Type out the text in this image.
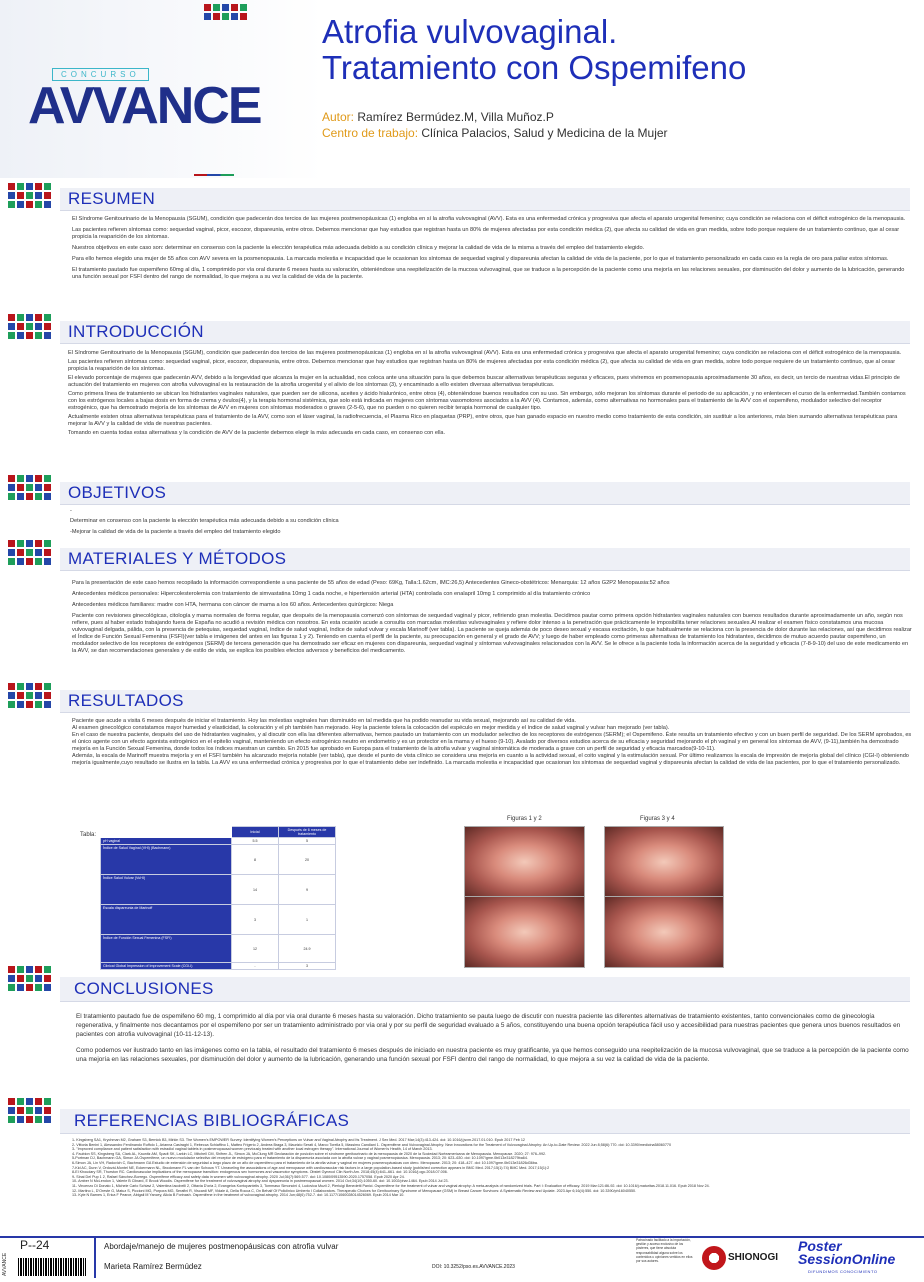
CONCURSO
AVVANCE
Atrofia vulvovaginal.
Tratamiento con Ospemifeno
Autor: Ramírez Bermúdez.M, Villa Muñoz.P
Centro de trabajo: Clínica Palacios, Salud y Medicina de la Mujer
RESUMEN

El Síndrome Genitourinario de la Menopausia (SGUM), condición que padecerán dos tercios de las mujeres postmenopáusicas (1) engloba en sí la atrofia vulvovaginal (AVV). Esta es una enfermedad crónica y progresiva que afecta el aparato urogenital femenino; cuya condición se relaciona con el déficit estrogénico de la menopausia.

Las pacientes refieren síntomas como: sequedad vaginal, picor, escozor, dispareunia, entre otros. Debemos mencionar que hay estudios que registran hasta un 80% de mujeres afectadas por esta condición médica (2), que afecta su calidad de vida en gran medida, sobre todo porque requiere de un tratamiento continuo, que al cesar propicia la reaparición de los síntomas.

Nuestros objetivos en este caso son: determinar en consenso con la paciente la elección terapéutica más adecuada debido a su condición clínica y mejorar la calidad de vida de la misma a través del empleo del tratamiento elegido.

Para ello hemos elegido una mujer de 55 años con AVV severa en la posmenopausia. La marcada molestia e incapacidad que le ocasionan los síntomas de sequedad vaginal y dispareunia afectan la calidad de vida de la paciente, por lo que el tratamiento personalizado en cada caso es la regla de oro para paliar estos síntomas.

El tratamiento pautado fue ospemifeno 60mg al día, 1 comprimido por vía oral durante 6 meses hasta su valoración, obteniéndose una reepitelización de la mucosa vulvovaginal, que se traduce a la percepción de la paciente como una mejoría en las relaciones sexuales, por disminución del dolor y aumento de la lubricación, generando una función sexual por FSFI dentro del rango de normalidad, lo que mejora a su vez la calidad de vida de la paciente.

INTRODUCCIÓN

El Síndrome Genitourinario de la Menopausia (SGUM), condición que padecerán dos tercios de las mujeres postmenopáusicas (1) engloba en sí la atrofia vulvovaginal (AVV). Esta es una enfermedad crónica y progresiva que afecta el aparato urogenital femenino; cuya condición se relaciona con el déficit estrogénico de la menopausia.

Las pacientes refieren síntomas como: sequedad vaginal, picor, escozor, dispareunia, entre otros. Debemos mencionar que hay estudios que registran hasta un 80% de mujeres afectadas por esta condición médica (2), que afecta su calidad de vida en gran medida, sobre todo porque requiere de un tratamiento continuo, que al cesar propicia la reaparición de los síntomas.

El elevado porcentaje de mujeres que padecerán AVV, debido a la longevidad que alcanza la mujer en la actualidad, nos coloca ante una situación para la que debemos buscar alternativas terapéuticas seguras y eficaces, pues viviremos en posmenopausia aproximadamente 30 años, es decir, un tercio de nuestras vidas.El principio de actuación del tratamiento en mujeres con atrofia vulvovaginal es la restauración de la atrofia urogenital y el alivio de los síntomas (3), y encaminado a ello existen diversas alternativas terapéuticas.

Como primera línea de tratamiento se ubican los hidratantes vaginales naturales, que pueden ser de silicona, aceites y ácido hialurónico, entre otros (4), obteniéndose buenos resultados con su uso. Sin embargo, sólo mejoran los síntomas durante el periodo de su aplicación, y no enlentecen el curso de la enfermedad.También contamos con los estrógenos locales a bajas dosis en forma de crema y óvulos(4), y la terapia hormonal sistémica, que solo está indicada en mujeres con síntomas vasomotores asociados a la AVV (4). Contamos, además, como alternativas no hormonales para el tratamiento de la AVV con el ospemifeno, modulador selectivo del receptor estrogénico, que ha demostrado mejoría de los síntomas de AVV en mujeres con síntomas moderados o graves (2-5-6), que no pueden o no quieren recibir terapia hormonal de cualquier tipo.

Actualmente existen otras alternativas terapéuticas para el tratamiento de la AVV, como son el láser vaginal, la radiofrecuencia, el Plasma Rico en plaquetas (PRP), entre otros, que han ganado espacio en nuestro medio como tratamiento de esta condición, sin sustituir a los anteriores, más bien sumando alternativas terapéuticas para mejorar la AVV y la calidad de vida de nuestras pacientes.

Tomando en cuenta todas estas alternativas y la condición de AVV de la paciente debemos elegir la más adecuada en cada caso, en consenso con ella.

OBJETIVOS

-

Determinar en consenso con la paciente la elección terapéutica más adecuada debido a su condición clínica

-Mejorar la calidad de vida de la paciente a través del empleo del tratamiento elegido

MATERIALES Y MÉTODOS

Para la presentación de este caso hemos recopilado la información correspondiente a una paciente de 55 años de edad (Peso: 69Kg, Talla:1.62cm, IMC:26,5) Antecedentes Gineco-obstétricos: Menarquia: 12 años G2P2 Menopausia:52 años

Antecedentes médicos personales: Hipercolesterolemia con tratamiento de simvastatina 10mg 1 cada noche, e hipertensión arterial (HTA) controlada con enalapril 10mg 1 comprimido al día tratamiento crónico

Antecedentes médicos familiares: madre con HTA, hermana con cáncer de mama a los 60 años. Antecedentes quirúrgicos: Niega

Paciente con revisiones ginecológicas, citología y mama normales de forma regular, que después de la menopausia comenzó con síntomas de sequedad vaginal y picor, refiriendo gran molestia. Decidimos pautar como primera opción hidratantes vaginales naturales con buenos resultados durante aproximadamente un año, según nos refiere, pues al haber estado trabajando fuera de España no acudió a revisión médica con nosotros. En esta ocasión acude a consulta con marcadas molestias vulvovaginales y refiere dolor intenso a la penetración que prácticamente le imposibilita tener relaciones sexuales.Al realizar el examen físico constatamos una mucosa vulvovaginal delgada, pálida, con la presencia de petequias, sequedad vaginal, índice de salud vaginal, índice de salud vulvar y escala Marinoff (ver tabla). La paciente se queja además de poco deseo sexual y escasa excitación, lo que habitualmente se relaciona con la presencia de dolor durante las relaciones, así que decidimos realizar el Índice de Función Sexual Femenina (FSFI)(ver tabla e imágenes del antes en las figuras 1 y 2). Teniendo en cuenta el perfil de la paciente, su preocupación en general y el grado de AVV; y luego de haber empleado como primeras alternativas de tratamiento los hidratantes, decidimos de mutuo acuerdo pautar ospemifeno, un modulador selectivo de los receptores de estrógenos (SERM) de tercera generación que ha demostrado ser eficaz en mujeres con dispareunia, sequedad vaginal y síntomas vulvovaginales relacionados con la AVV. Se le ofrece a la paciente toda la información acerca de la seguridad y eficacia (7-8-9-10) del uso de este medicamento en la AVV, se dan recomendaciones generales y de estilo de vida, se explica los posibles efectos adversos y beneficios del medicamento.

RESULTADOS

Paciente que acude a visita 6 meses después de iniciar el tratamiento. Hoy las molestias vaginales han disminuido en tal medida que ha podido reanudar su vida sexual, mejorando así su calidad de vida.

Al examen ginecológico constatamos mayor humedad y elasticidad, la coloración y el ph también han mejorado. Hoy la paciente tolera la colocación del espéculo en mejor medida y el índice de salud vaginal y vulvar han mejorado (ver tabla).

En el caso de nuestra paciente, después del uso de hidratantes vaginales, y al discutir con ella las diferentes alternativas, hemos pautado un tratamiento con un modulador selectivo de los receptores de estrógenos (SERM); el Ospemifeno. Éste resulta un tratamiento efectivo y con un buen perfil de seguridad. De los SERM aprobados, es el único agente con un efecto agonista estrogénico en el epitelio vaginal, manteniendo un efecto estrogénico neutro en endometrio y es un protector en la mama y el hueso (9-10). Avalado por diversos estudios acerca de su eficacia y seguridad mejorando el ph vaginal y en general los síntomas de AVV, (9-11),también ha demostrado mejoría en la Función Sexual Femenina, donde todos los índices muestran un cambio. En 2015 fue aprobado en Europa para el tratamiento de la atrofia vulvar y vaginal sintomática de moderada a grave con un perfil de seguridad y eficacia marcados(9-10-11).

Además, la escala de Marinoff muestra mejoría y en el FSFI también ha alcanzado mejoría notable (ver tabla), que desde el punto de vista clínico se considera una mejoría en cuanto a la actividad sexual, el coito vaginal y la estimulación sexual. Por último realizamos la escala de impresión de mejoría global del clínico (CGI-I) obteniendo mejoría igualmente,cuyo resultado se ilustra en la tabla. La AVV es una enfermedad crónica y progresiva por lo que el tratamiento debe ser indefinido. La marcada molestia e incapacidad que ocasionan los síntomas de sequedad vaginal y dispareunia afectan la calidad de vida de las pacientes, por lo que el tratamiento personalizado.

Tabla:
		Inicial	Después de 6 meses de tratamiento
pH vaginal	5.5	5
Índice de Salud Vaginal (VHI) (Bachmann)	8	20
Índice Salud Vulvar (VuHI)	14	9
Escala dispareunia de Marinoff	3	1
Índice de Función Sexual Femenina (FSFI)	12	24.9
Clinical Global Impression of Improvement Scale (CGI-I)	-	3
Figuras 1 y 2	Figuras 3 y 4
CONCLUSIONES

El tratamiento pautado fue de ospemifeno 60 mg, 1 comprimido al día por vía oral durante 6 meses hasta su valoración. Dicho tratamiento se pauta luego de discutir con nuestra paciente las diferentes alternativas de tratamiento existentes, tanto convencionales como de ginecología regenerativa, y finalmente nos decantamos por el ospemifeno por ser un tratamiento administrado por vía oral y por su perfil de seguridad evaluado a 5 años, constituyendo una buena opción terapéutica fácil uso y accesibilidad para nuestras pacientes que genera unos buenos resultados en pacientes con atrofia vulvovaginal (10-11-12-13).

Como podemos ver ilustrado tanto en las imágenes como en la tabla, el resultado del tratamiento 6 meses después de iniciado en nuestra paciente es muy gratificante, ya que hemos conseguido una reepitelización de la mucosa vulvovaginal, que se traduce a la percepción de la paciente como una mejoría en las relaciones sexuales, por disminución del dolor y aumento de la lubricación, generando una función sexual por FSFI dentro del rango de normalidad, lo que mejora a su vez la calidad de vida de la paciente.

REFERENCIAS BIBLIOGRÁFICAS
1- Kingsberg SA1, Krychman M2, Graham S3, Bernick B3, Mirkin S3. The Women's EMPOWER Survey: Identifying Women's Perceptions on Vulvar and Vaginal Atrophy and Its Treatment. J Sex Med. 2017 Mar;14(3):413-424. doi: 10.1016/j.jsxm.2017.01.010. Epub 2017 Feb 12
2- Vittoria Benini 1, Alessandro Ferdinando Ruffolo 1, Arianna Casiraghi 1, Rebecca Schiaffino 1, Matteo Frigerio 2, Andrea Braga 3, Maurizio Serati 4, Marco Torella 5, Massimo Candiani 1. Ospemifene and Vulvovaginal Atrophy: New Innovations for the Treatment of Vulvovaginal Atrophy: An Up-to-Date Review. 2022 Jun 8;58(6):770. doi: 10.3390/medicina58060770
3- "Improved compliance and patient satisfaction with estradiol vaginal tablets in postmenopausal women previously treated with another local estrogen therapy". International Journal of Women's Health, 14 of March 2013.
4- Faubion SS, Kingsberg SA, Clark AL, Kaunitz AM, Spadt SK, Larkin LC, Mitchell CM, Shifren JL, Simon JA, McClung MR Declaración de posición sobre el síndrome genitourinario de la menopausia de 2020 de la Sociedad Norteamericana de Menopausia. Menopause. 2020; 27: 976–992.
5-Portman DJ, Bachmann GA, Simon JA Ospemifene, un nuevo modulador selectivo del receptor de estrógeno para el tratamiento de la dispareunia asociada con la atrofia vulvar y vaginal posmenopáusica. Menopausia. 2013; 20: 623–630. doi: 10.1097/gme.0b013e318279ba64.
6-Simon JA, Lin VH, Radovich C, Bachmann GA Estudio de extensión de seguridad a largo plazo de un año de ospemifeno para el tratamiento de la atrofia vulvar y vaginal en mujeres posmenopáusicas con útero. Menopause. 2013; 20: 418–427. doi: 10.1097/gme.0b013e31826d36ba.
7-Kid AC, Dunn V, Ordovál-Montel NE, Eckermann NL, Brookmann FL van der Schouw YT. Unraveling the associations of age and menopause with cardiovascular risk factors in a large population-based study (published correction appears in BMC Med. 2017;15(1):74) BMC Med. 2017;15(1):2
8-El Khoudary SR, Thurston RC. Cardiovascular implications of the menopause transition: endogenous sex hormones and vasomotor symptoms. Obstet Gynecol Clin North Am. 2018;45(4):641–661. doi: 10.1016/j.ogc.2018.07.006.
9- Sinai Del Pup 1 2, Rafael Sánchez-Borrego. Ospemifene efficacy and safety data in women with vulvovaginal atrophy. 2020 Jul;36(7):569-577. doi: 10.1080/09513590.2020.1757058. Epub 2020 Apr 24.
10- Amber N McLendon 1, Valerie B Clinard, E Brook Woodis. Ospemifene for the treatment of vulvovaginal atrophy and dyspareunia in postmenopausal women. 2014 Oct;34(10):1050-60. doi: 10.1002/phar.1464. Epub 2014 Jul 23.
11- Vincenzo Di Donato 1, Michele Carlo Schiavi 2, Valentina Iacobelli 2, Ottavia D'oria 2, Evangelos Kontopantelis 3, Tommaso Simoncini 4, Ludovica Muzii 2, Pierluigi Benedetti Panici. Ospemifene for the treatment of vulvar and vaginal atrophy: A meta-analysis of randomized trials. Part I: Evaluation of efficacy. 2019 Mar:121:86-92. doi: 10.1016/j.maturitas.2018.11.016. Epub 2018 Nov 24.
12- Martino L, D'Oreste G, Matuz S, Piccioni MG, Porpora MG, Serafini R, Viscardi MF, Vidale A, Della Rocca C, On Behalf Of Policlinico Umberto I Collaborators. Therapeutic Choices for Genitourinary Syndrome of Menopause (GSM) in Breast Cancer Survivors: A Systematic Review and Update. 2023 Apr 6;16(4):550. doi: 10.3390/ph16040550.
13- Kyle N Barnes 1, Erica F Pearce, Abigail M Yancey, Alicia B Forinash. Ospemifene in the treatment of vulvovaginal atrophy. 2014 Jun;48(6):752-7. doi: 10.1177/1060028014526069. Epub 2014 Mar 10.
AVVANCE
P--24	Abordaje/manejo de mujeres postmenopáusicas con atrofia vulvar
Marieta Ramírez Bermúdez	DOI: 10.3252/pso.es.AVVANCE.2023
Patrocinado facilitado a la importación, gestión y acceso exclusivo de los pósteres, que tiene absoluta responsabilidad alguna sobre los contenidos u opiniones vertidos en ellos por sus autores.	SHIONOGI
Poster
SessionOnline
DIFUNDIMOS CONOCIMIENTO
